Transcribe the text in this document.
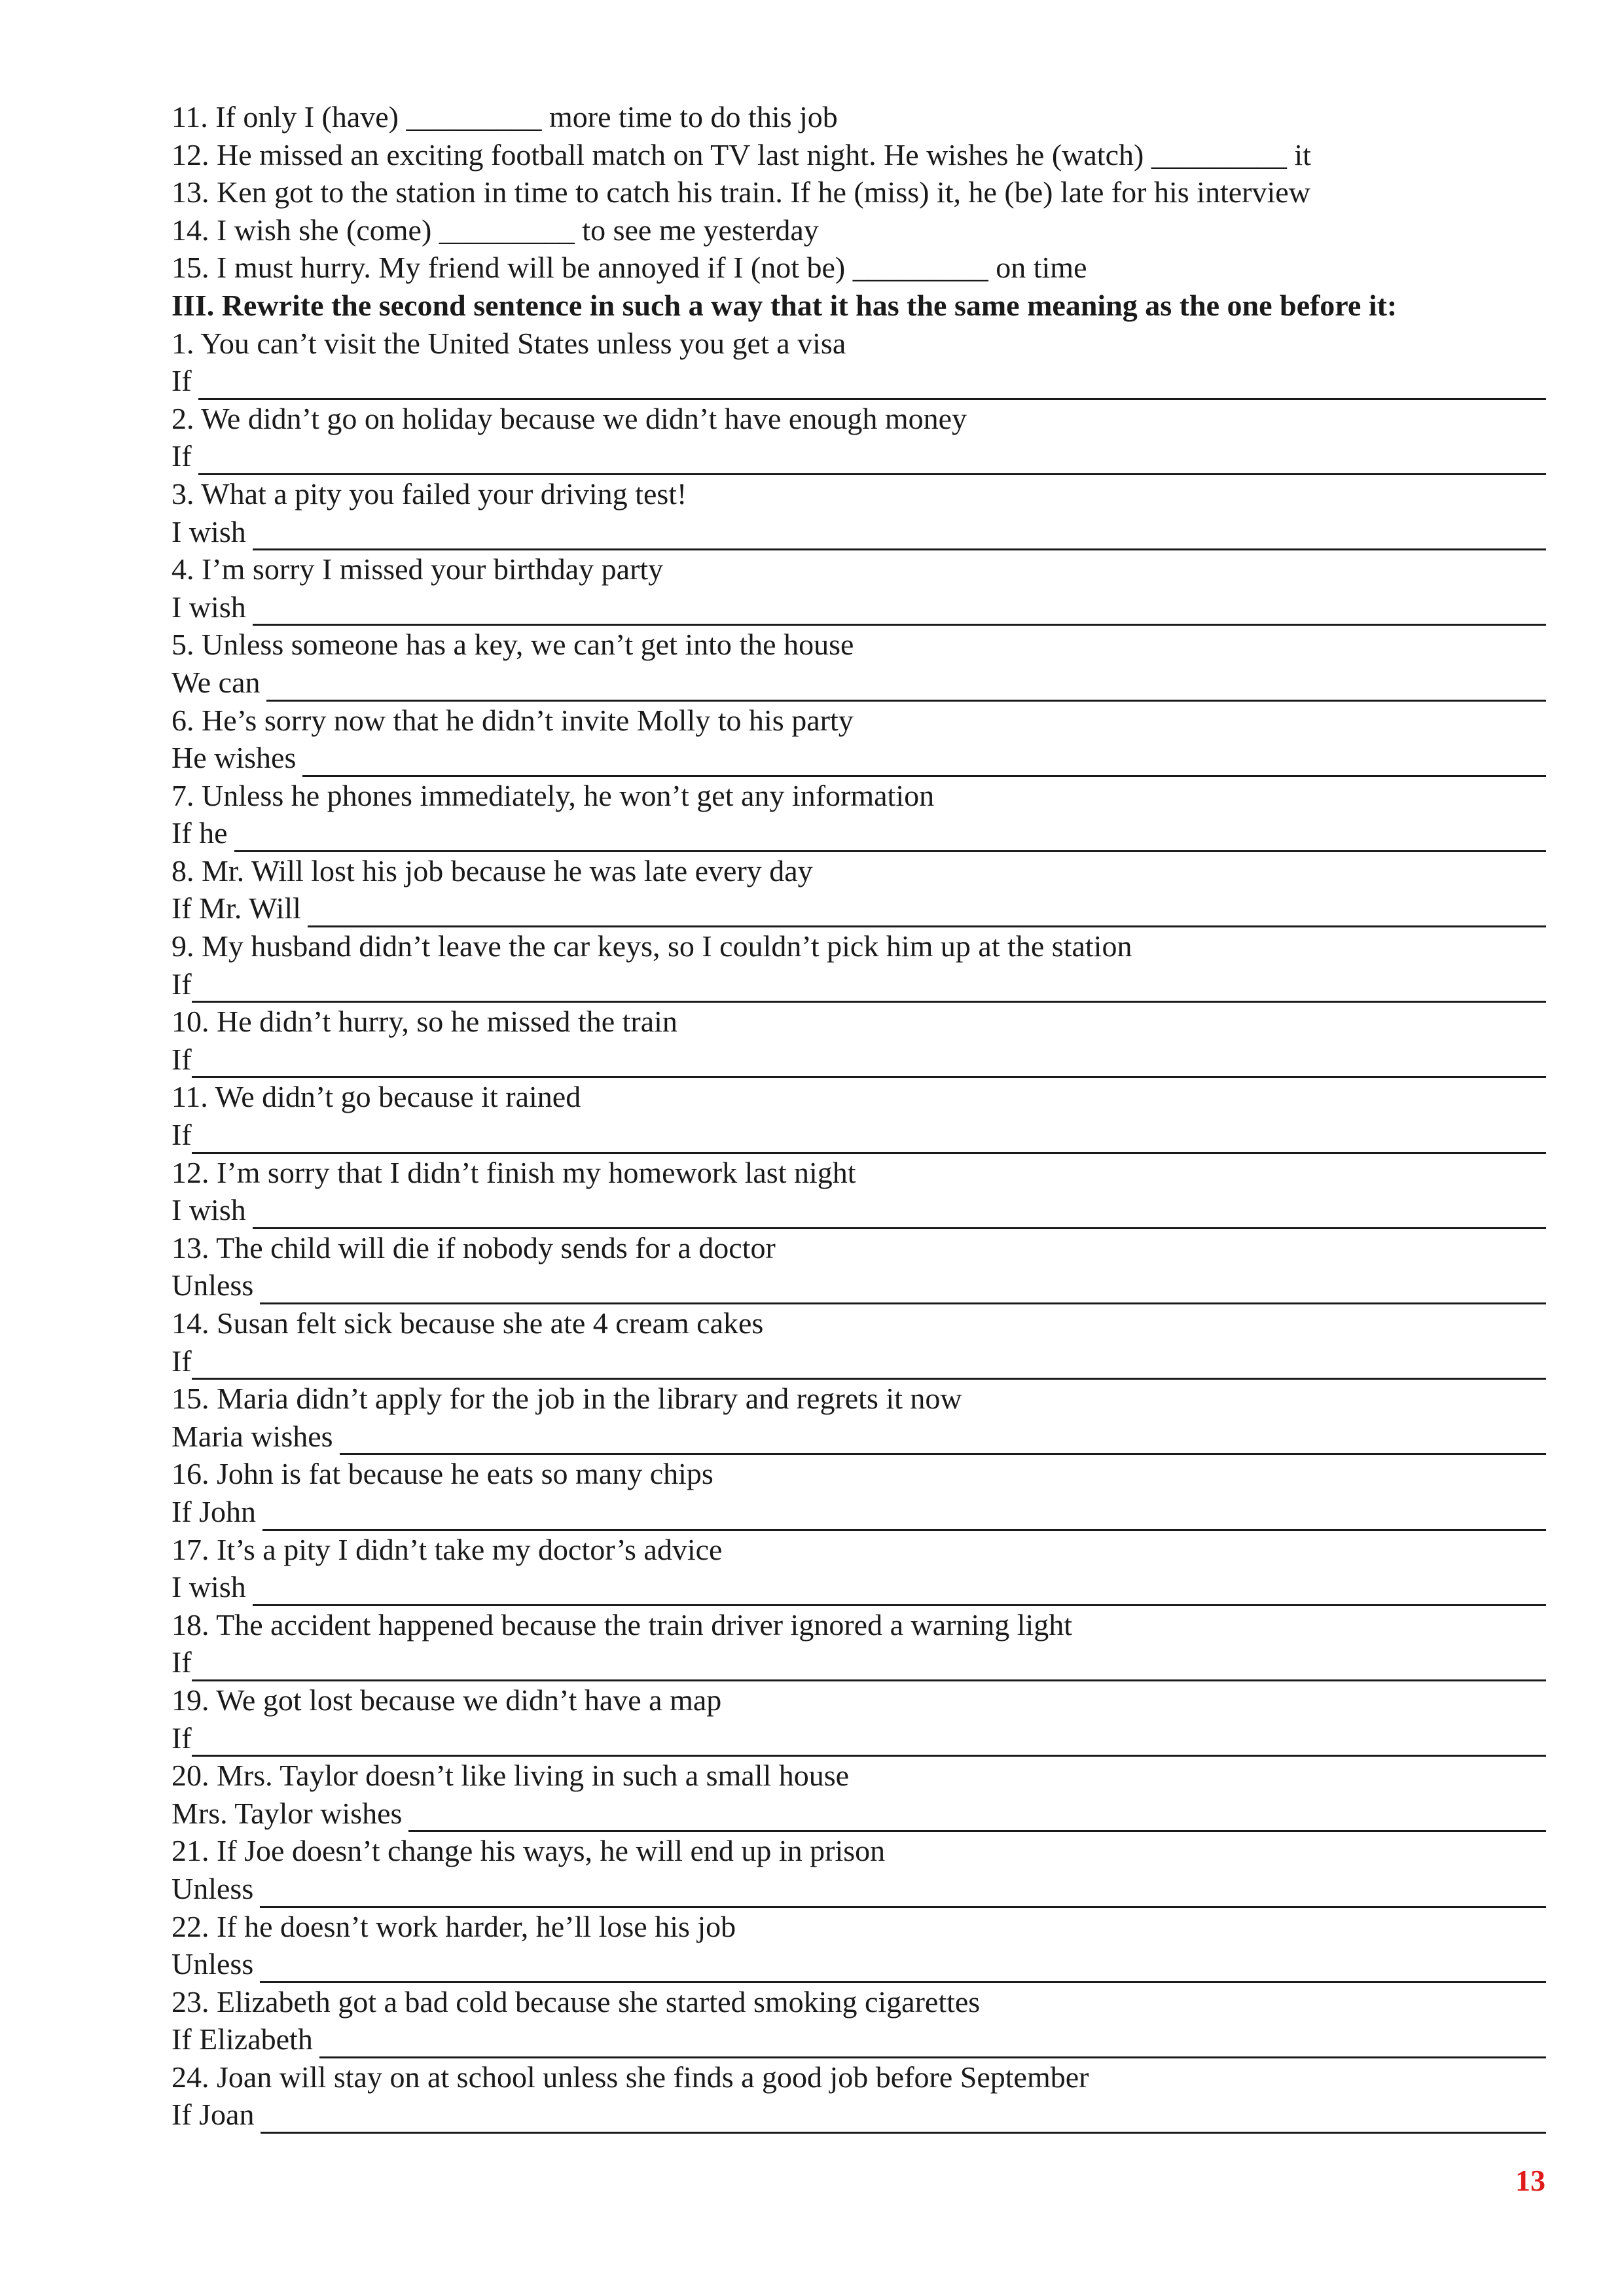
11. If only I (have) _________ more time to do this job
12. He missed an exciting football match on TV last night. He wishes he (watch) _________ it
13. Ken got to the station in time to catch his train. If he (miss) it, he (be) late for his interview
14. I wish she (come) _________ to see me yesterday
15. I must hurry. My friend will be annoyed if I (not be) _________ on time
III. Rewrite the second sentence in such a way that it has the same meaning as the one before it:
1. You can’t visit the United States unless you get a visa
If
2. We didn’t go on holiday because we didn’t have enough money
If
3. What a pity you failed your driving test!
I wish
4. I’m sorry I missed your birthday party
I wish
5. Unless someone has a key, we can’t get into the house
We can
6. He’s sorry now that he didn’t invite Molly to his party
He wishes
7. Unless he phones immediately, he won’t get any information
If he
8. Mr. Will lost his job because he was late every day
If Mr. Will
9. My husband didn’t leave the car keys, so I couldn’t pick him up at the station
If
10. He didn’t hurry, so he missed the train
If
11. We didn’t go because it rained
If
12. I’m sorry that I didn’t finish my homework last night
I wish
13. The child will die if nobody sends for a doctor
Unless
14. Susan felt sick because she ate 4 cream cakes
If
15. Maria didn’t apply for the job in the library and regrets it now
Maria wishes
16. John is fat because he eats so many chips
If John
17. It’s a pity I didn’t take my doctor’s advice
I wish
18. The accident happened because the train driver ignored a warning light
If
19. We got lost because we didn’t have a map
If
20. Mrs. Taylor doesn’t like living in such a small house
Mrs. Taylor wishes
21. If Joe doesn’t change his ways, he will end up in prison
Unless
22. If he doesn’t work harder, he’ll lose his job
Unless
23. Elizabeth got a bad cold because she started smoking cigarettes
If Elizabeth
24. Joan will stay on at school unless she finds a good job before September
If Joan
13
